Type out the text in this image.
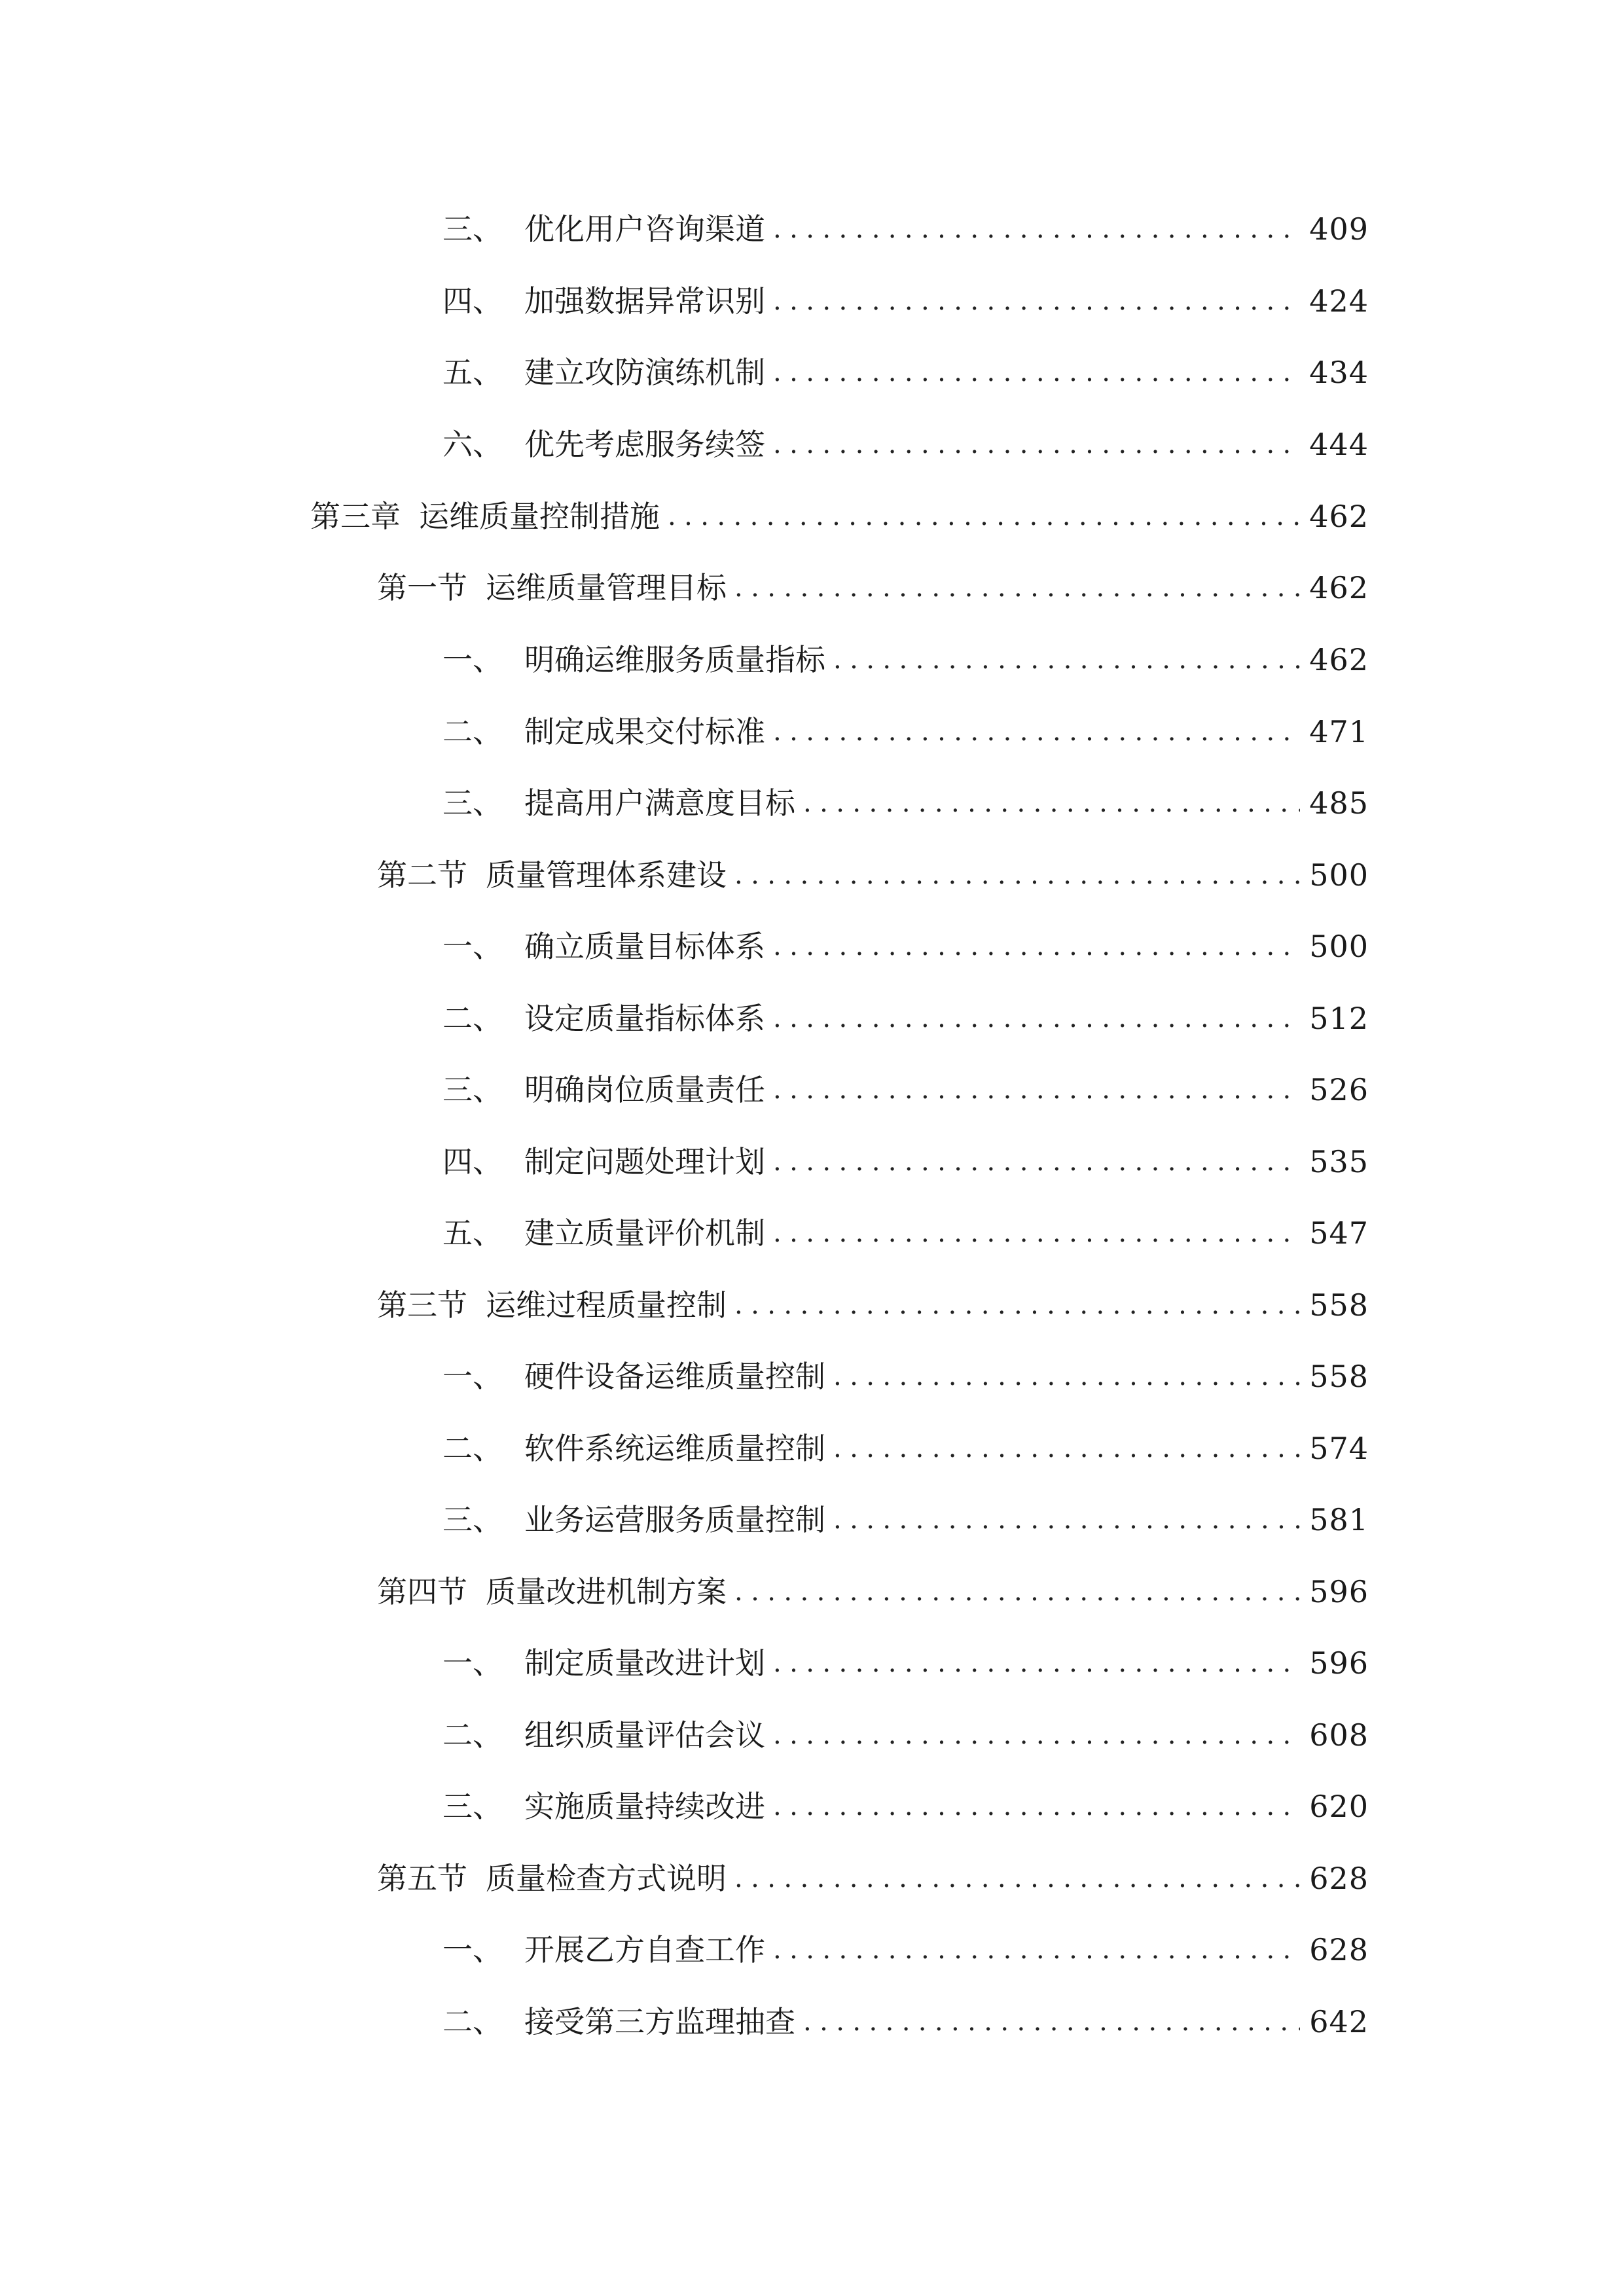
三、 优化用户咨询渠道 .....	409
四、 加强数据异常识别 .....	424
五、 建立攻防演练机制 .....	434
六、 优先考虑服务续签 .....	444
第三章 运维质量控制措施 .....	462
第一节 运维质量管理目标 .....	462
一、 明确运维服务质量指标 .....	462
二、 制定成果交付标准 .....	471
三、 提高用户满意度目标 .....	485
第二节 质量管理体系建设 .....	500
一、 确立质量目标体系 .....	500
二、 设定质量指标体系 .....	512
三、 明确岗位质量责任 .....	526
四、 制定问题处理计划 .....	535
五、 建立质量评价机制 .....	547
第三节 运维过程质量控制 .....	558
一、 硬件设备运维质量控制 .....	558
二、 软件系统运维质量控制 .....	574
三、 业务运营服务质量控制 .....	581
第四节 质量改进机制方案 .....	596
一、 制定质量改进计划 .....	596
二、 组织质量评估会议 .....	608
三、 实施质量持续改进 .....	620
第五节 质量检查方式说明 .....	628
一、 开展乙方自查工作 .....	628
二、 接受第三方监理抽查 .....	642
